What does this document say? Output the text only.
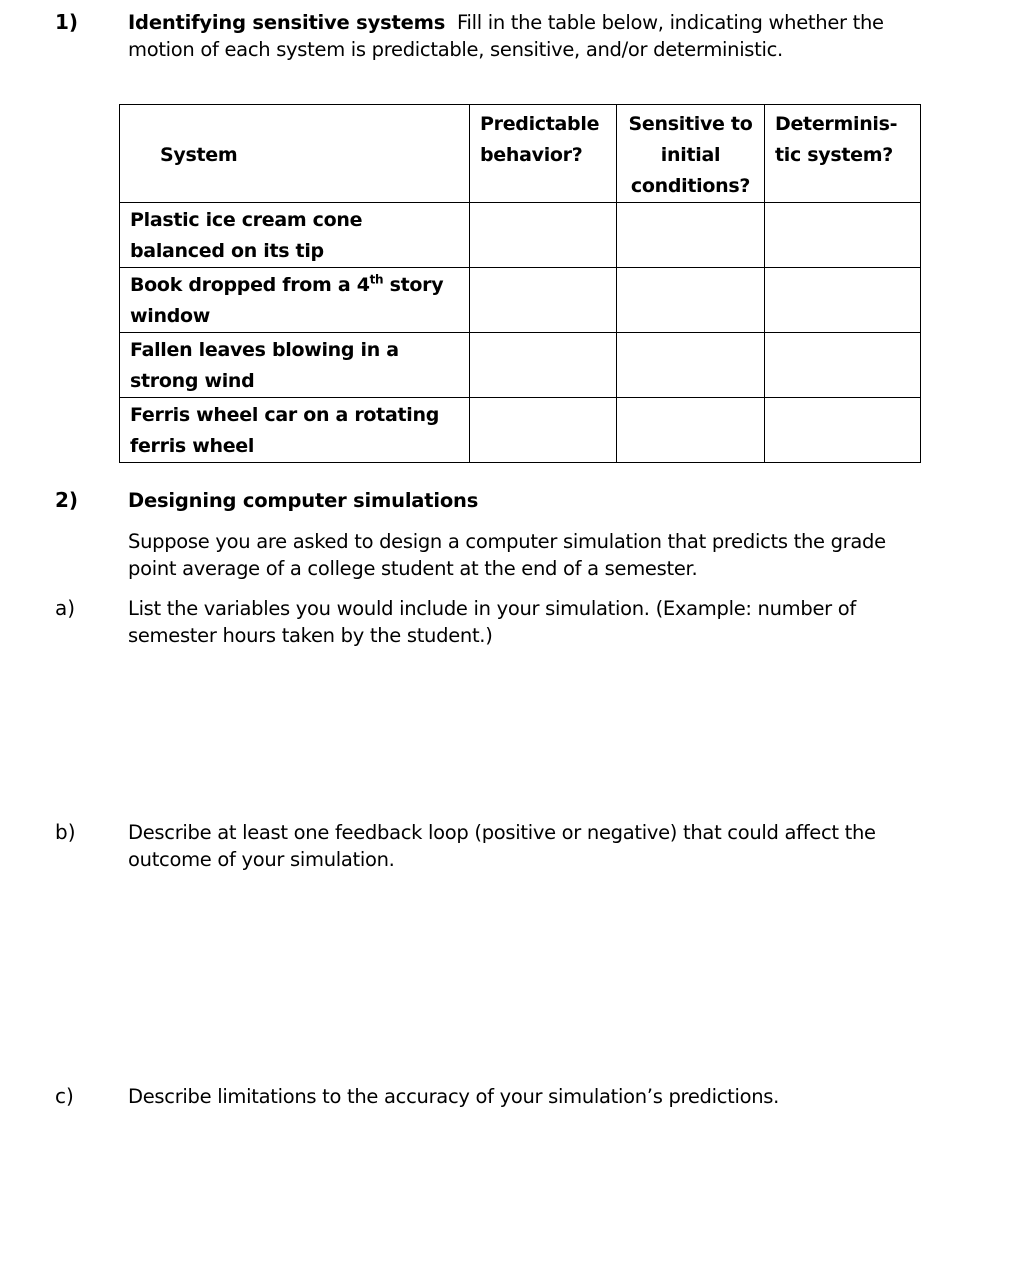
1)	Identifying sensitive systems Fill in the table below, indicating whether the motion of each system is predictable, sensitive, and/or deterministic.
System	Predictable behavior?	Sensitive to initial conditions?	Determinis-tic system?

Plastic ice cream cone balanced on its tip			

Book dropped from a 4th story window			

Fallen leaves blowing in a strong wind			

Ferris wheel car on a rotating ferris wheel			

2)	Designing computer simulations
Suppose you are asked to design a computer simulation that predicts the grade point average of a college student at the end of a semester.
a)	List the variables you would include in your simulation. (Example: number of semester hours taken by the student.)
b)	Describe at least one feedback loop (positive or negative) that could affect the outcome of your simulation.
c)	Describe limitations to the accuracy of your simulation’s predictions.
